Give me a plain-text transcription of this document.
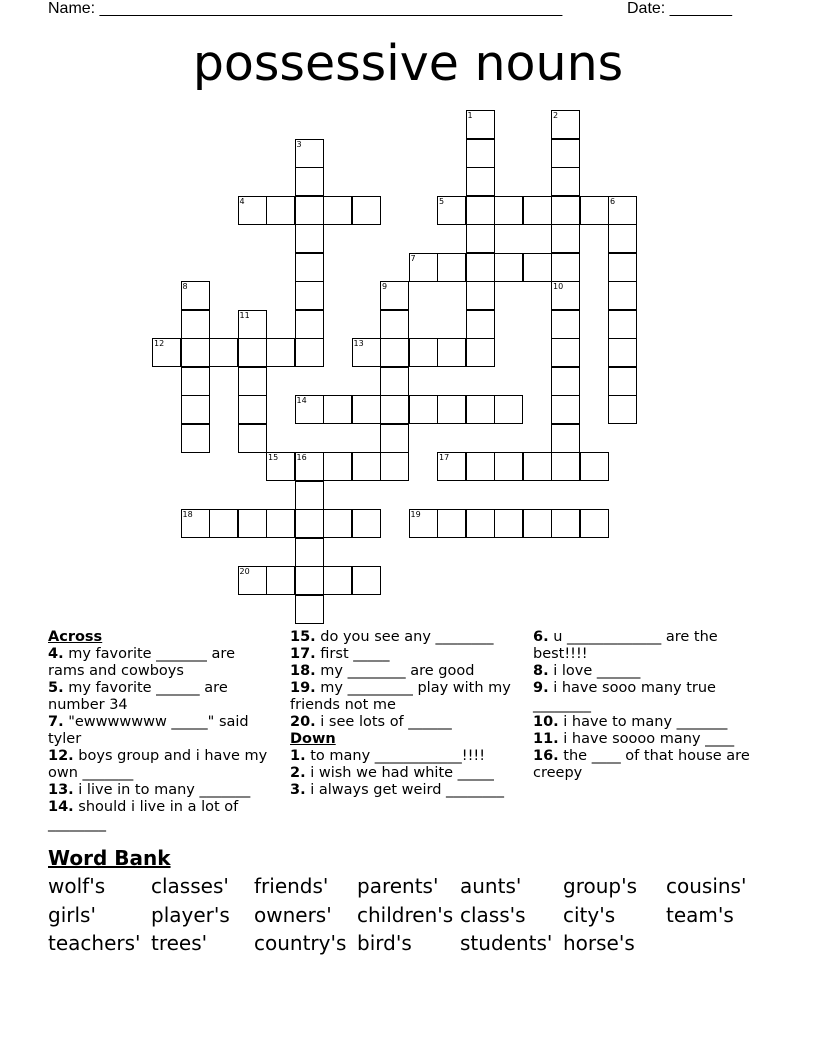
Name: ____________________________________________________	Date: _______
possessive nouns
4	5	6
7
12	13
14
15 16	17
18	19
20
1	2
3
8	9	10
11
Across
4. my favorite _______ are rams and cowboys
5. my favorite ______ are number 34
7. "ewwwwwww _____" said tyler
12. boys group and i have my own _______
13. i live in to many _______
14. should i live in a lot of ________
15. do you see any ________
17. first _____
18. my ________ are good
19. my _________ play with my friends not me
20. i see lots of ______
Down
1. to many ____________!!!!
2. i wish we had white _____
3. i always get weird ________
6. u _____________ are the best!!!!
8. i love ______
9. i have sooo many true ________
10. i have to many _______
11. i have soooo many ____
16. the ____ of that house are creepy
Word Bank
wolf's classes' friends' parents' aunts' group's cousins'
girls'	player's owners' children's class's city's	team's
teachers' trees' country's bird's students' horse's
